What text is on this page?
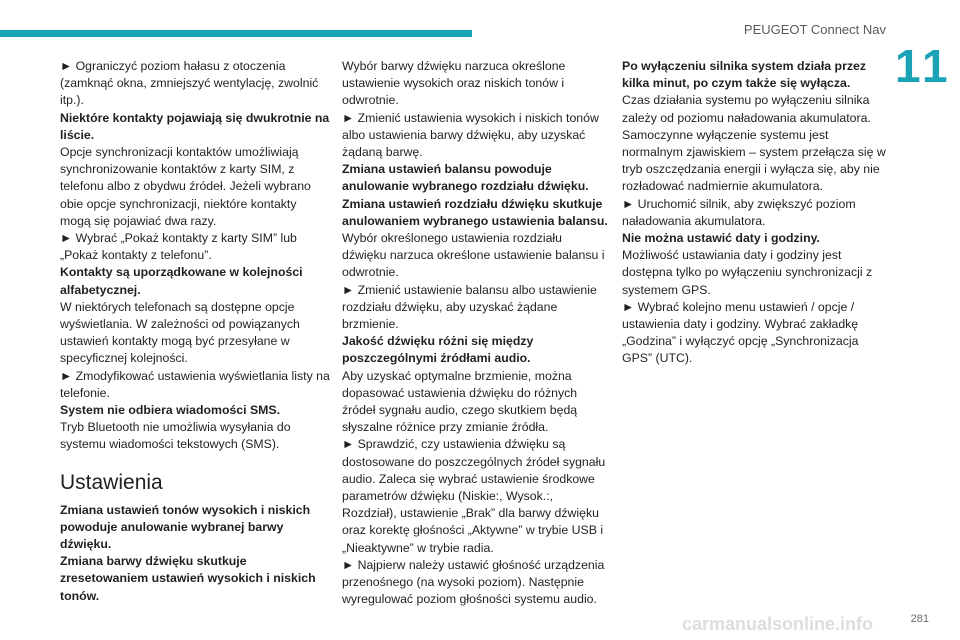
PEUGEOT Connect Nav
11

► Ograniczyć poziom hałasu z otoczenia (zamknąć okna, zmniejszyć wentylację, zwolnić itp.).

Niektóre kontakty pojawiają się dwukrotnie na liście.

Opcje synchronizacji kontaktów umożliwiają synchronizowanie kontaktów z karty SIM, z telefonu albo z obydwu źródeł. Jeżeli wybrano obie opcje synchronizacji, niektóre kontakty mogą się pojawiać dwa razy.

► Wybrać „Pokaż kontakty z karty SIM” lub „Pokaż kontakty z telefonu”.

Kontakty są uporządkowane w kolejności alfabetycznej.

W niektórych telefonach są dostępne opcje wyświetlania. W zależności od powiązanych ustawień kontakty mogą być przesyłane w specyficznej kolejności.

► Zmodyfikować ustawienia wyświetlania listy na telefonie.

System nie odbiera wiadomości SMS.

Tryb Bluetooth nie umożliwia wysyłania do systemu wiadomości tekstowych (SMS).

Ustawienia

Zmiana ustawień tonów wysokich i niskich powoduje anulowanie wybranej barwy dźwięku.

Zmiana barwy dźwięku skutkuje zresetowaniem ustawień wysokich i niskich tonów.

Wybór barwy dźwięku narzuca określone ustawienie wysokich oraz niskich tonów i odwrotnie.

► Zmienić ustawienia wysokich i niskich tonów albo ustawienia barwy dźwięku, aby uzyskać żądaną barwę.

Zmiana ustawień balansu powoduje anulowanie wybranego rozdziału dźwięku.

Zmiana ustawień rozdziału dźwięku skutkuje anulowaniem wybranego ustawienia balansu.

Wybór określonego ustawienia rozdziału dźwięku narzuca określone ustawienie balansu i odwrotnie.

► Zmienić ustawienie balansu albo ustawienie rozdziału dźwięku, aby uzyskać żądane brzmienie.

Jakość dźwięku różni się między poszczególnymi źródłami audio.

Aby uzyskać optymalne brzmienie, można dopasować ustawienia dźwięku do różnych źródeł sygnału audio, czego skutkiem będą słyszalne różnice przy zmianie źródła.

► Sprawdzić, czy ustawienia dźwięku są dostosowane do poszczególnych źródeł sygnału audio. Zaleca się wybrać ustawienie środkowe parametrów dźwięku (Niskie:, Wysok.:, Rozdział), ustawienie „Brak” dla barwy dźwięku oraz korektę głośności „Aktywne” w trybie USB i „Nieaktywne” w trybie radia.

► Najpierw należy ustawić głośność urządzenia przenośnego (na wysoki poziom). Następnie wyregulować poziom głośności systemu audio.

Po wyłączeniu silnika system działa przez kilka minut, po czym także się wyłącza.

Czas działania systemu po wyłączeniu silnika zależy od poziomu naładowania akumulatora.

Samoczynne wyłączenie systemu jest normalnym zjawiskiem – system przełącza się w tryb oszczędzania energii i wyłącza się, aby nie rozładować nadmiernie akumulatora.

► Uruchomić silnik, aby zwiększyć poziom naładowania akumulatora.

Nie można ustawić daty i godziny.

Możliwość ustawiania daty i godziny jest dostępna tylko po wyłączeniu synchronizacji z systemem GPS.

► Wybrać kolejno menu ustawień / opcje / ustawienia daty i godziny. Wybrać zakładkę „Godzina” i wyłączyć opcję „Synchronizacja GPS” (UTC).

carmanualsonline.info	281
